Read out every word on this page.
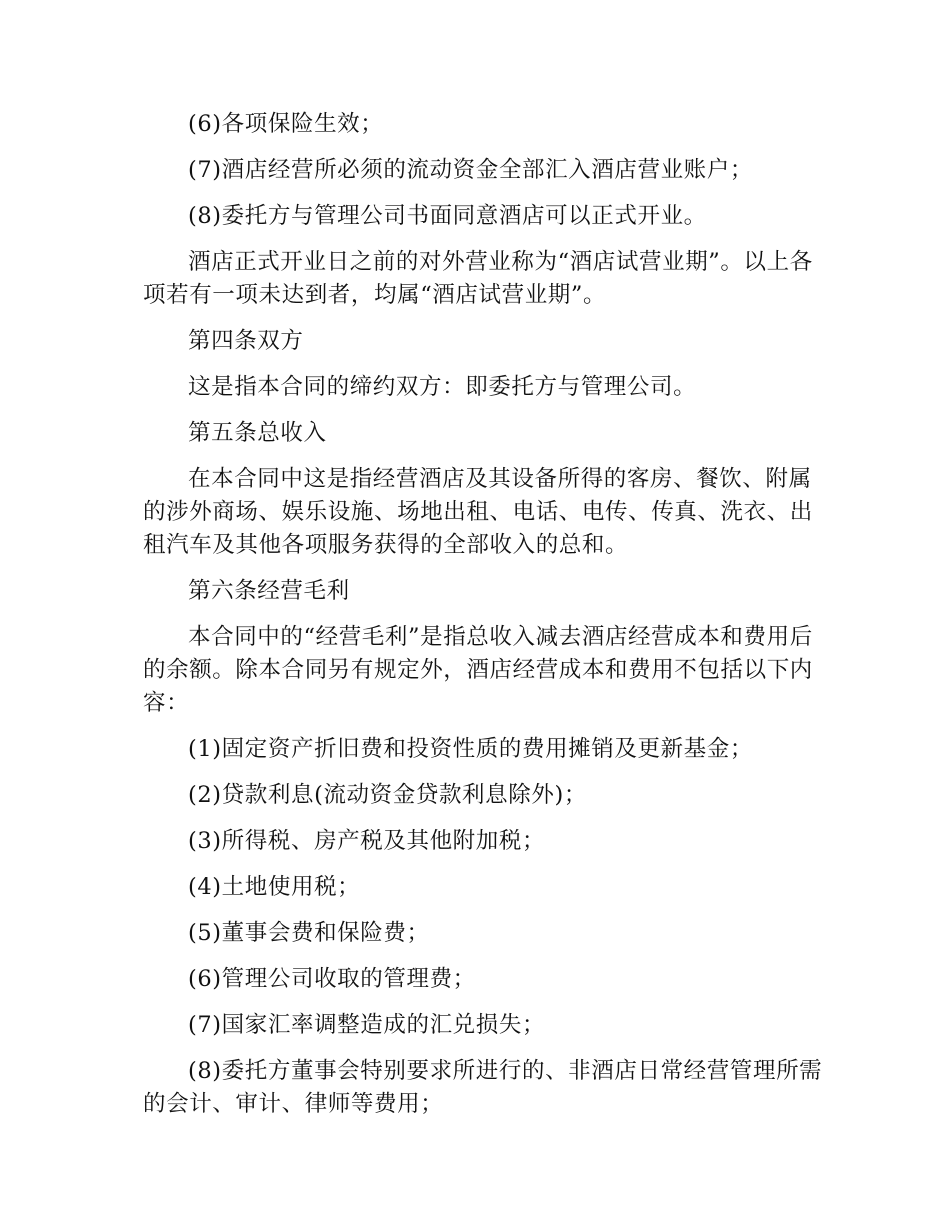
(6)各项保险生效；

(7)酒店经营所必须的流动资金全部汇入酒店营业账户；

(8)委托方与管理公司书面同意酒店可以正式开业。

酒店正式开业日之前的对外营业称为“酒店试营业期”。以上各项若有一项未达到者，均属“酒店试营业期”。

第四条双方

这是指本合同的缔约双方：即委托方与管理公司。

第五条总收入

在本合同中这是指经营酒店及其设备所得的客房、餐饮、附属的涉外商场、娱乐设施、场地出租、电话、电传、传真、洗衣、出租汽车及其他各项服务获得的全部收入的总和。

第六条经营毛利

本合同中的“经营毛利”是指总收入减去酒店经营成本和费用后的余额。除本合同另有规定外，酒店经营成本和费用不包括以下内容：

(1)固定资产折旧费和投资性质的费用摊销及更新基金；

(2)贷款利息(流动资金贷款利息除外)；

(3)所得税、房产税及其他附加税；

(4)土地使用税；

(5)董事会费和保险费；

(6)管理公司收取的管理费；

(7)国家汇率调整造成的汇兑损失；

(8)委托方董事会特别要求所进行的、非酒店日常经营管理所需的会计、审计、律师等费用；
